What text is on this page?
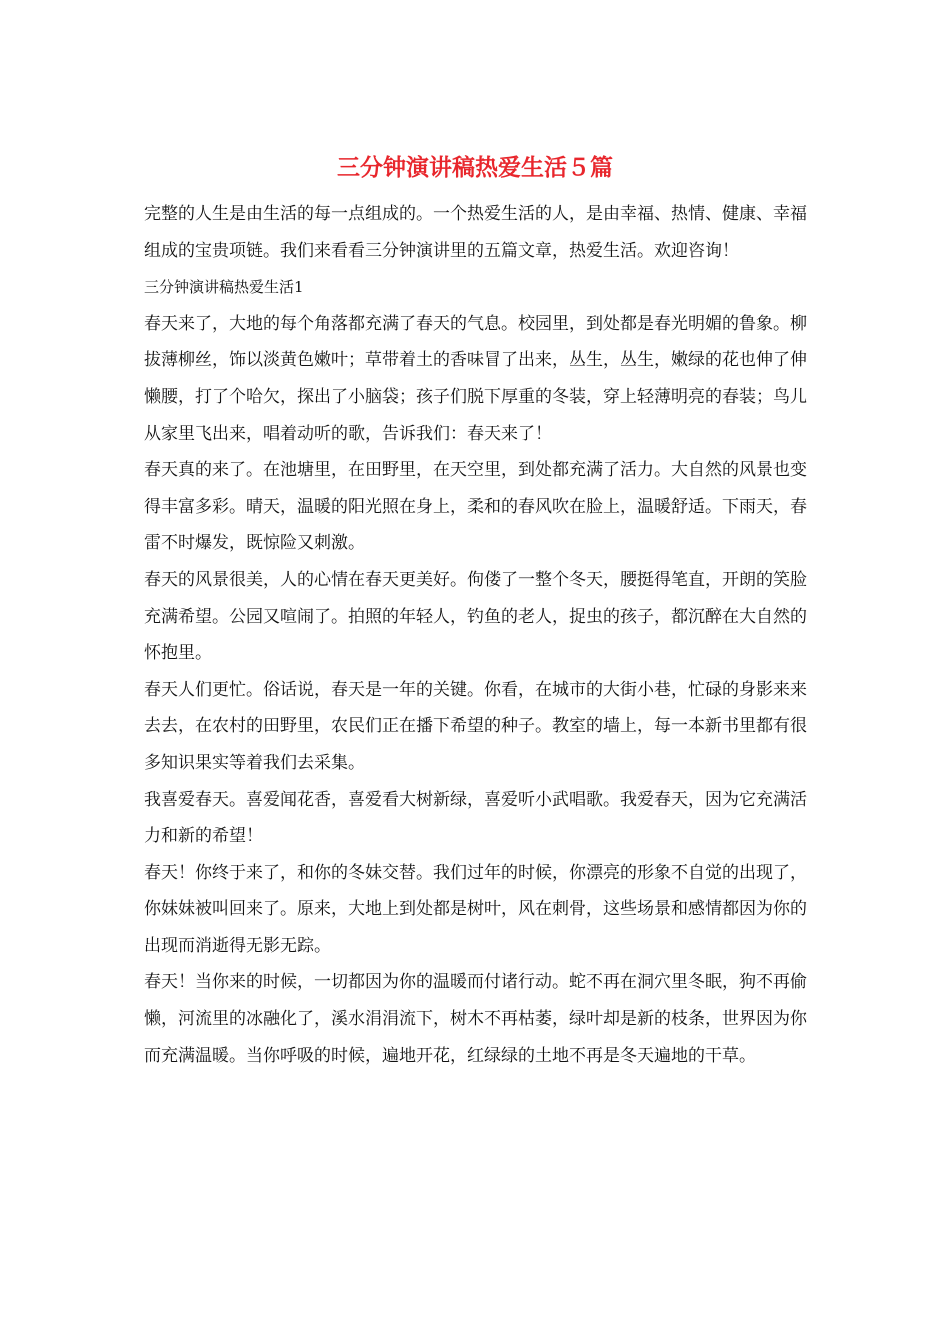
三分钟演讲稿热爱生活５篇

完整的人生是由生活的每一点组成的。一个热爱生活的人，是由幸福、热情、健康、幸福组成的宝贵项链。我们来看看三分钟演讲里的五篇文章，热爱生活。欢迎咨询！

三分钟演讲稿热爱生活1

春天来了，大地的每个角落都充满了春天的气息。校园里，到处都是春光明媚的鲁象。柳拔薄柳丝，饰以淡黄色嫩叶；草带着土的香味冒了出来，丛生，丛生，嫩绿的花也伸了伸懒腰，打了个哈欠，探出了小脑袋；孩子们脱下厚重的冬装，穿上轻薄明亮的春装；鸟儿从家里飞出来，唱着动听的歌，告诉我们：春天来了！

春天真的来了。在池塘里，在田野里，在天空里，到处都充满了活力。大自然的风景也变得丰富多彩。晴天，温暖的阳光照在身上，柔和的春风吹在脸上，温暖舒适。下雨天，春雷不时爆发，既惊险又刺激。

春天的风景很美，人的心情在春天更美好。佝偻了一整个冬天，腰挺得笔直，开朗的笑脸充满希望。公园又喧闹了。拍照的年轻人，钓鱼的老人，捉虫的孩子，都沉醉在大自然的怀抱里。

春天人们更忙。俗话说，春天是一年的关键。你看，在城市的大街小巷，忙碌的身影来来去去，在农村的田野里，农民们正在播下希望的种子。教室的墙上，每一本新书里都有很多知识果实等着我们去采集。

我喜爱春天。喜爱闻花香，喜爱看大树新绿，喜爱听小武唱歌。我爱春天，因为它充满活力和新的希望！

春天！你终于来了，和你的冬妹交替。我们过年的时候，你漂亮的形象不自觉的出现了，你妹妹被叫回来了。原来，大地上到处都是树叶，风在刺骨，这些场景和感情都因为你的出现而消逝得无影无踪。

春天！当你来的时候，一切都因为你的温暖而付诸行动。蛇不再在洞穴里冬眠，狗不再偷懒，河流里的冰融化了，溪水涓涓流下，树木不再枯萎，绿叶却是新的枝条，世界因为你而充满温暖。当你呼吸的时候，遍地开花，红绿绿的土地不再是冬天遍地的干草。
